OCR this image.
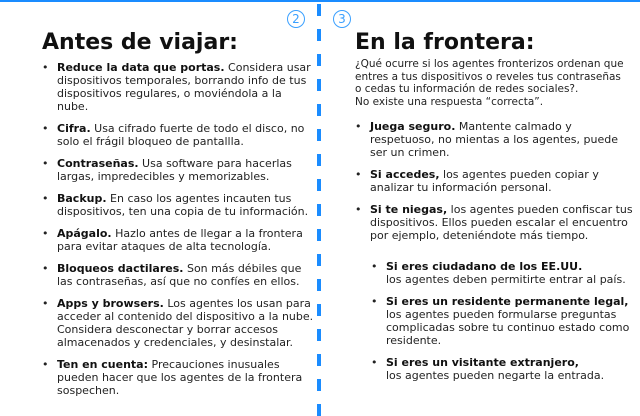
2	3
Antes de viajar:
• Reduce la data que portas. Considera usar dispositivos temporales, borrando info de tus dispositivos regulares, o moviéndola a la nube.
• Cifra. Usa cifrado fuerte de todo el disco, no solo el frágil bloqueo de pantallla.
• Contraseñas. Usa software para hacerlas largas, impredecibles y memorizables.
• Backup. En caso los agentes incauten tus dispositivos, ten una copia de tu información.
• Apágalo. Hazlo antes de llegar a la frontera para evitar ataques de alta tecnología.
• Bloqueos dactilares. Son más débiles que las contraseñas, así que no confíes en ellos.
• Apps y browsers. Los agentes los usan para acceder al contenido del dispositivo a la nube. Considera desconectar y borrar accesos almacenados y credenciales, y desinstalar.
• Ten en cuenta: Precauciones inusuales pueden hacer que los agentes de la frontera sospechen.
En la frontera:
¿Qué ocurre si los agentes fronterizos ordenan que
entres a tus dispositivos o reveles tus contraseñas o cedas tu información de redes sociales?.
No existe una respuesta “correcta”.
• Juega seguro. Mantente calmado y respetuoso, no mientas a los agentes, puede ser un crimen.
• Si accedes, los agentes pueden copiar y analizar tu información personal.
• Si te niegas, los agentes pueden confiscar tus dispositivos. Ellos pueden escalar el encuentro por ejemplo, deteniéndote más tiempo.
• Si eres ciudadano de los EE.UU.
los agentes deben permitirte entrar al país.
• Si eres un residente permanente legal,
los agentes pueden formularse preguntas complicadas sobre tu continuo estado como residente.
• Si eres un visitante extranjero,
los agentes pueden negarte la entrada.
